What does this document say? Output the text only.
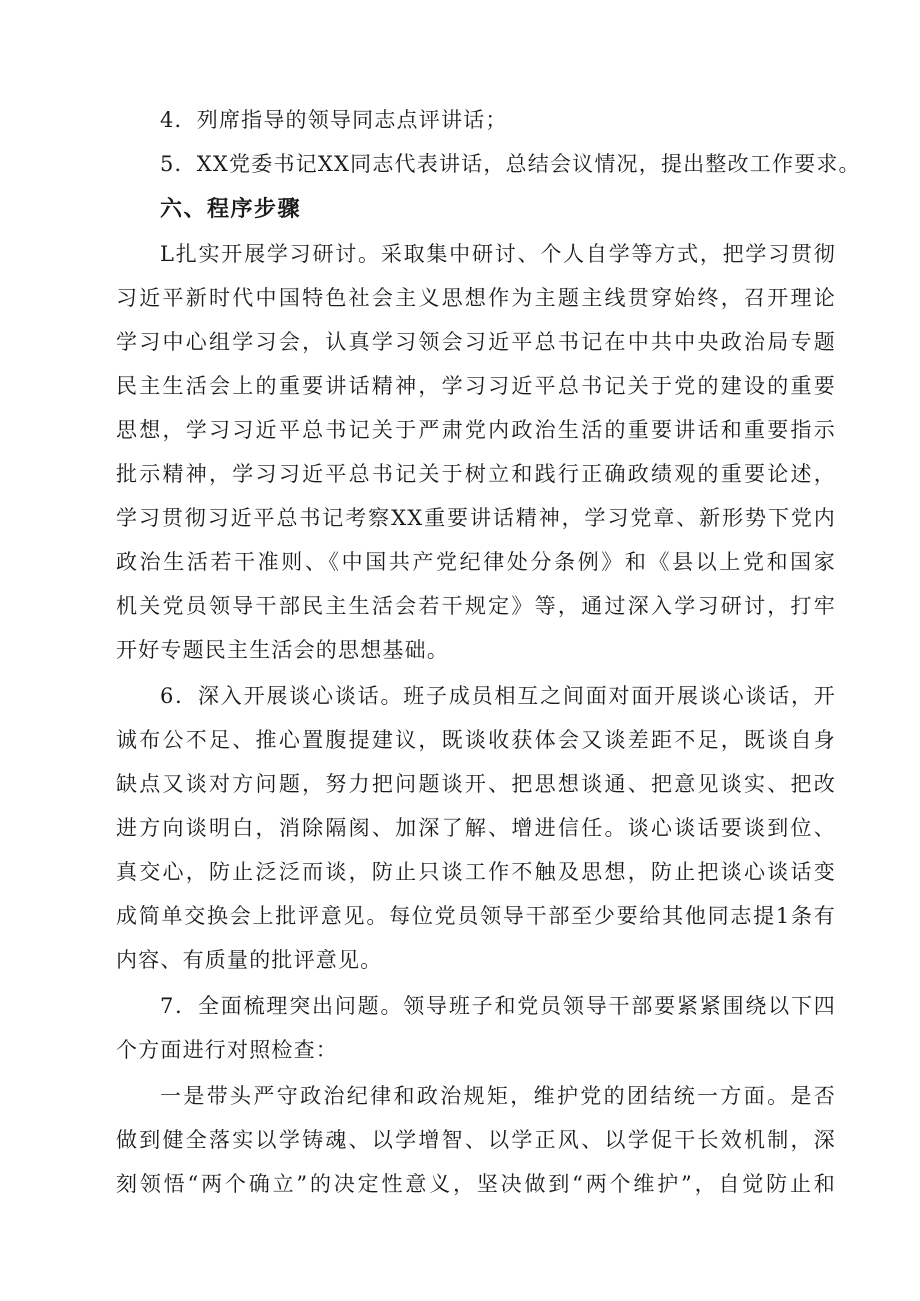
4．列席指导的领导同志点评讲话；
5．XX党委书记XX同志代表讲话，总结会议情况，提出整改工作要求。
六、程序步骤
L扎实开展学习研讨。采取集中研讨、个人自学等方式，把学习贯彻
习近平新时代中国特色社会主义思想作为主题主线贯穿始终，召开理论
学习中心组学习会，认真学习领会习近平总书记在中共中央政治局专题
民主生活会上的重要讲话精神，学习习近平总书记关于党的建设的重要
思想，学习习近平总书记关于严肃党内政治生活的重要讲话和重要指示
批示精神，学习习近平总书记关于树立和践行正确政绩观的重要论述，
学习贯彻习近平总书记考察XX重要讲话精神，学习党章、新形势下党内
政治生活若干准则、《中国共产党纪律处分条例》和《县以上党和国家
机关党员领导干部民主生活会若干规定》等，通过深入学习研讨，打牢
开好专题民主生活会的思想基础。
6．深入开展谈心谈话。班子成员相互之间面对面开展谈心谈话，开
诚布公不足、推心置腹提建议，既谈收获体会又谈差距不足，既谈自身
缺点又谈对方问题，努力把问题谈开、把思想谈通、把意见谈实、把改
进方向谈明白，消除隔阂、加深了解、增进信任。谈心谈话要谈到位、
真交心，防止泛泛而谈，防止只谈工作不触及思想，防止把谈心谈话变
成简单交换会上批评意见。每位党员领导干部至少要给其他同志提1条有
内容、有质量的批评意见。
7．全面梳理突出问题。领导班子和党员领导干部要紧紧围绕以下四
个方面进行对照检查：
一是带头严守政治纪律和政治规矩，维护党的团结统一方面。是否
做到健全落实以学铸魂、以学增智、以学正风、以学促干长效机制，深
刻领悟“两个确立”的决定性意义，坚决做到“两个维护”，自觉防止和
